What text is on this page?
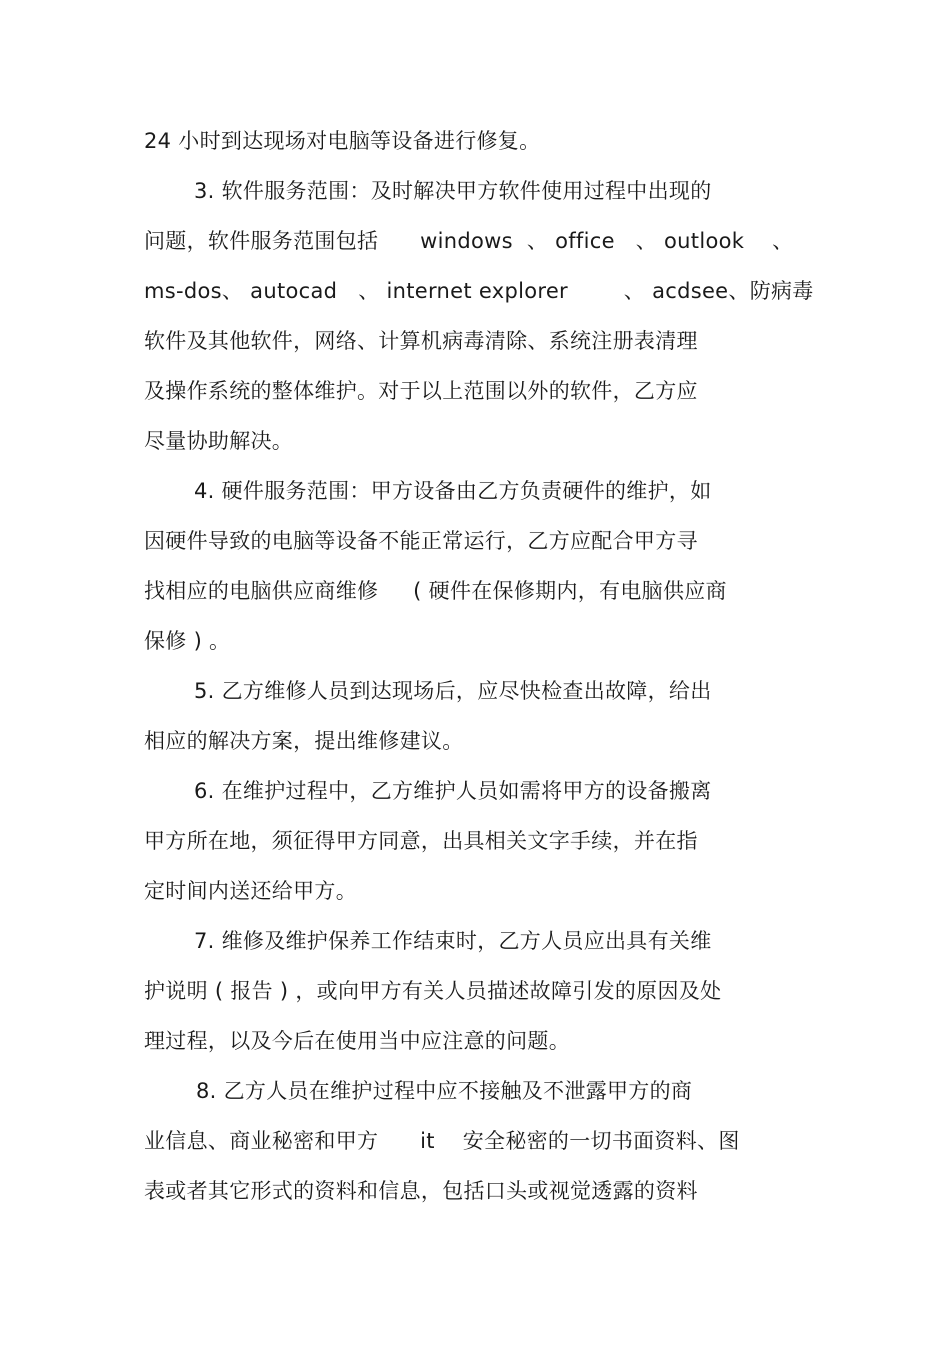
24 小时到达现场对电脑等设备进行修复。
3. 软件服务范围：及时解决甲方软件使用过程中出现的
问题，软件服务范围包括      windows  、 office   、 outlook    、
ms-dos、 autocad   、 internet explorer        、 acdsee、防病毒
软件及其他软件，网络、计算机病毒清除、系统注册表清理
及操作系统的整体维护。对于以上范围以外的软件，乙方应
尽量协助解决。
4. 硬件服务范围：甲方设备由乙方负责硬件的维护，如
因硬件导致的电脑等设备不能正常运行，乙方应配合甲方寻
找相应的电脑供应商维修     ( 硬件在保修期内，有电脑供应商
保修 ) 。
5. 乙方维修人员到达现场后，应尽快检查出故障，给出
相应的解决方案，提出维修建议。
6. 在维护过程中，乙方维护人员如需将甲方的设备搬离
甲方所在地，须征得甲方同意，出具相关文字手续，并在指
定时间内送还给甲方。
7. 维修及维护保养工作结束时，乙方人员应出具有关维
护说明 ( 报告 ) ，或向甲方有关人员描述故障引发的原因及处
理过程，以及今后在使用当中应注意的问题。
8. 乙方人员在维护过程中应不接触及不泄露甲方的商
业信息、商业秘密和甲方      it    安全秘密的一切书面资料、图
表或者其它形式的资料和信息，包括口头或视觉透露的资料
